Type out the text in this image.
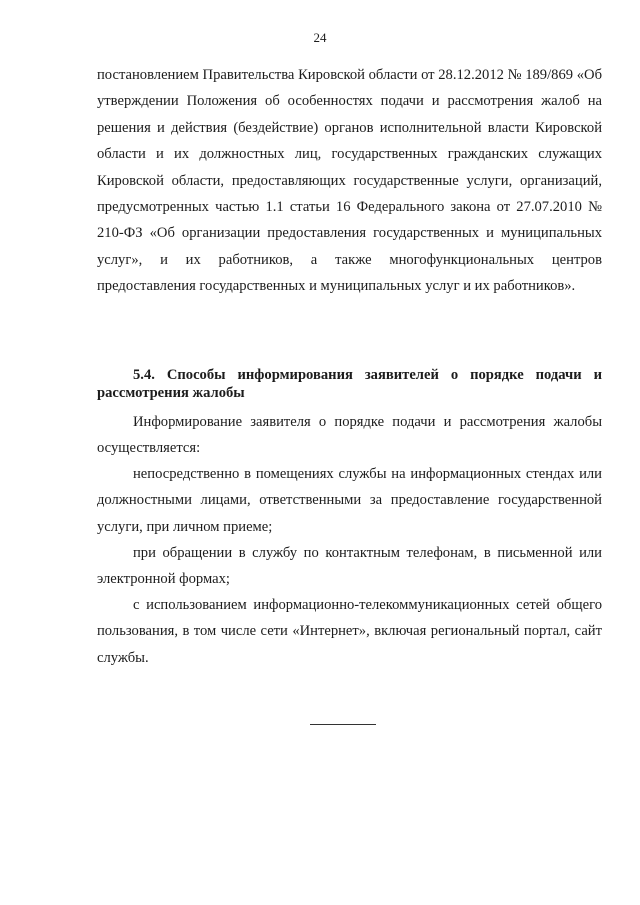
24

постановлением Правительства Кировской области от 28.12.2012 № 189/869 «Об утверждении Положения об особенностях подачи и рассмотрения жалоб на решения и действия (бездействие) органов исполнительной власти Кировской области и их должностных лиц, государственных гражданских служащих Кировской области, предоставляющих государственные услуги, организаций, предусмотренных частью 1.1 статьи 16 Федерального закона от 27.07.2010 № 210-ФЗ «Об организации предоставления государственных и муниципальных услуг», и их работников, а также многофункциональных центров предоставления государственных и муниципальных услуг и их работников».

5.4. Способы информирования заявителей о порядке подачи и рассмотрения жалобы

Информирование заявителя о порядке подачи и рассмотрения жалобы осуществляется:

непосредственно в помещениях службы на информационных стендах или должностными лицами, ответственными за предоставление государственной услуги, при личном приеме;

при обращении в службу по контактным телефонам, в письменной или электронной формах;

с использованием информационно-телекоммуникационных сетей общего пользования, в том числе сети «Интернет», включая региональный портал, сайт службы.
